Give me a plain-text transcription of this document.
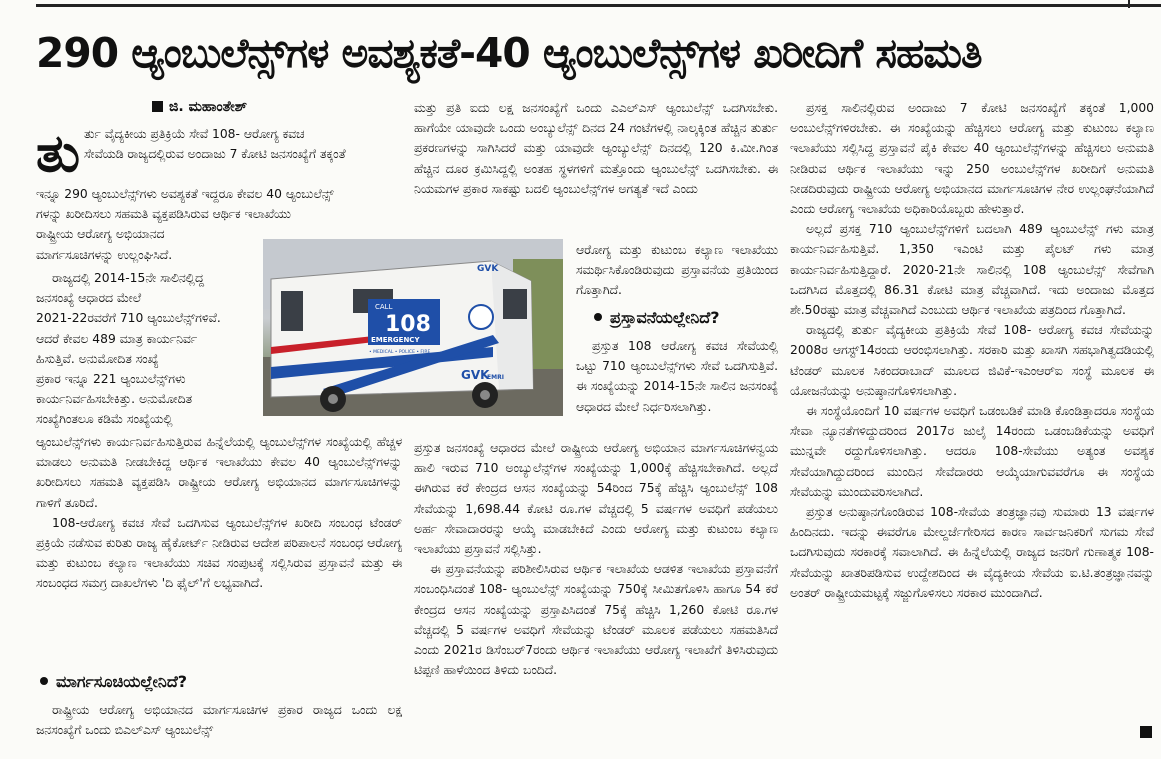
290 ಆ್ಯಂಬುಲೆನ್ಸ್‌ಗಳ ಅವಶ್ಯಕತೆ-40 ಆ್ಯಂಬುಲೆನ್ಸ್‌ಗಳ ಖರೀದಿಗೆ ಸಹಮತಿ
ಜಿ. ಮಹಾಂತೇಶ್
ತು ರ್ತು ವೈದ್ಯಕೀಯ ಪ್ರತಿಕ್ರಿಯೆ ಸೇವೆ 108- ಆರೋಗ್ಯ ಕವಚ
ಸೇವೆಯಡಿ ರಾಜ್ಯದಲ್ಲಿರುವ ಅಂದಾಜು 7 ಕೋಟಿ ಜನಸಂಖ್ಯೆಗೆ ತಕ್ಕಂತೆ
ಇನ್ನೂ 290 ಆ್ಯಂಬುಲೆನ್ಸ್‌ಗಳು ಅವಶ್ಯಕತೆ ಇದ್ದರೂ ಕೇವಲ 40 ಆ್ಯಂಬುಲೆನ್ಸ್
ಗಳನ್ನು ಖರೀದಿಸಲು ಸಹಮತಿ ವ್ಯಕ್ತಪಡಿಸಿರುವ ಆರ್ಥಿಕ ಇಲಾಖೆಯು
ರಾಷ್ಟ್ರೀಯ ಆರೋಗ್ಯ ಅಭಿಯಾನದ
ಮಾರ್ಗಸೂಚಿಗಳನ್ನು ಉಲ್ಲಂಘಿಸಿದೆ.
ರಾಜ್ಯದಲ್ಲಿ 2014-15ನೇ ಸಾಲಿನಲ್ಲಿದ್ದ
ಜನಸಂಖ್ಯೆ ಆಧಾರದ ಮೇಲೆ
2021-22ರವರೆಗೆ 710 ಆ್ಯಂಬುಲೆನ್ಸ್‌ಗಳಿವೆ.
ಆದರೆ ಕೇವಲ 489 ಮಾತ್ರ ಕಾರ್ಯನಿರ್ವ
ಹಿಸುತ್ತಿವೆ. ಅನುಮೋದಿತ ಸಂಖ್ಯೆ
ಪ್ರಕಾರ ಇನ್ನೂ 221 ಆ್ಯಂಬುಲೆನ್ಸ್‌ಗಳು
ಕಾರ್ಯನಿರ್ವಹಿಸಬೇಕಿತ್ತು. ಅನುಮೋದಿತ
ಸಂಖ್ಯೆಗಿಂತಲೂ ಕಡಿಮೆ ಸಂಖ್ಯೆಯಲ್ಲಿ

ಆ್ಯಂಬುಲೆನ್ಸ್‌ಗಳು ಕಾರ್ಯನಿರ್ವಹಿಸುತ್ತಿರುವ ಹಿನ್ನೆಲೆಯಲ್ಲಿ ಆ್ಯಂಬುಲೆನ್ಸ್‌ಗಳ ಸಂಖ್ಯೆಯಲ್ಲಿ ಹೆಚ್ಚಳ ಮಾಡಲು ಅನುಮತಿ ನೀಡಬೇಕಿದ್ದ ಆರ್ಥಿಕ ಇಲಾಖೆಯು ಕೇವಲ 40 ಆ್ಯಂಬುಲೆನ್ಸ್‌ಗಳನ್ನು ಖರೀದಿಸಲು ಸಹಮತಿ ವ್ಯಕ್ತಪಡಿಸಿ ರಾಷ್ಟ್ರೀಯ ಆರೋಗ್ಯ ಅಭಿಯಾನದ ಮಾರ್ಗಸೂಚಿಗಳನ್ನು ಗಾಳಿಗೆ ತೂರಿದೆ.

108-ಆರೋಗ್ಯ ಕವಚ ಸೇವೆ ಒದಗಿಸುವ ಆ್ಯಂಬುಲೆನ್ಸ್‌ಗಳ ಖರೀದಿ ಸಂಬಂಧ ಟೆಂಡರ್ ಪ್ರಕ್ರಿಯೆ ನಡೆಸುವ ಕುರಿತು ರಾಜ್ಯ ಹೈಕೋರ್ಟ್ ನೀಡಿರುವ ಆದೇಶ ಪರಿಪಾಲನೆ ಸಂಬಂಧ ಆರೋಗ್ಯ ಮತ್ತು ಕುಟುಂಬ ಕಲ್ಯಾಣ ಇಲಾಖೆಯು ಸಚಿವ ಸಂಪುಟಕ್ಕೆ ಸಲ್ಲಿಸಿರುವ ಪ್ರಸ್ತಾವನೆ ಮತ್ತು ಈ ಸಂಬಂಧದ ಸಮಗ್ರ ದಾಖಲೆಗಳು 'ದಿ ಫೈಲ್'ಗೆ ಲಭ್ಯವಾಗಿದೆ.

ಮಾರ್ಗಸೂಚಿಯಲ್ಲೇನಿದೆ?

ರಾಷ್ಟ್ರೀಯ ಆರೋಗ್ಯ ಅಭಿಯಾನದ ಮಾರ್ಗಸೂಚಿಗಳ ಪ್ರಕಾರ ರಾಜ್ಯದ ಒಂದು ಲಕ್ಷ ಜನಸಂಖ್ಯೆಗೆ ಒಂದು ಬಿಎಲ್‌ಎಸ್ ಆ್ಯಂಬುಲೆನ್ಸ್

CALL
108
EMERGENCY
• MEDICAL • POLICE • FIRE
GVK
GVK
EMRI

ಮತ್ತು ಪ್ರತಿ ಐದು ಲಕ್ಷ ಜನಸಂಖ್ಯೆಗೆ ಒಂದು ಎಎಲ್‌ಎಸ್ ಆ್ಯಂಬುಲೆನ್ಸ್ ಒದಗಿಸಬೇಕು. ಹಾಗೆಯೇ ಯಾವುದೇ ಒಂದು ಅಂಬ್ಯುಲೆನ್ಸ್ ದಿನದ 24 ಗಂಟೆಗಳಲ್ಲಿ ನಾಲ್ಕಕ್ಕಿಂತ ಹೆಚ್ಚಿನ ತುರ್ತು ಪ್ರಕರಣಗಳನ್ನು ಸಾಗಿಸಿದರೆ ಮತ್ತು ಯಾವುದೇ ಆ್ಯಂಬ್ಯುಲೆನ್ಸ್ ದಿನದಲ್ಲಿ 120 ಕಿ.ಮೀ.ಗಿಂತ ಹೆಚ್ಚಿನ ದೂರ ಕ್ರಮಿಸಿದ್ದಲ್ಲಿ ಅಂತಹ ಸ್ಥಳಗಳಿಗೆ ಮತ್ತೊಂದು ಆ್ಯಂಬುಲೆನ್ಸ್ ಒದಗಿಸಬೇಕು. ಈ ನಿಯಮಗಳ ಪ್ರಕಾರ ಸಾಕಷ್ಟು ಬದಲಿ ಆ್ಯಂಬುಲೆನ್ಸ್‌ಗಳ ಅಗತ್ಯತೆ ಇದೆ ಎಂದು

ಆರೋಗ್ಯ ಮತ್ತು ಕುಟುಂಬ ಕಲ್ಯಾಣ ಇಲಾಖೆಯು ಸಮರ್ಥಿಸಿಕೊಂಡಿರುವುದು ಪ್ರಸ್ತಾವನೆಯ ಪ್ರತಿಯಿಂದ ಗೊತ್ತಾಗಿದೆ.

ಪ್ರಸ್ತಾವನೆಯಲ್ಲೇನಿದೆ?

ಪ್ರಸ್ತುತ 108 ಆರೋಗ್ಯ ಕವಚ ಸೇವೆಯಲ್ಲಿ ಒಟ್ಟು 710 ಆ್ಯಂಬುಲೆನ್ಸ್‌ಗಳು ಸೇವೆ ಒದಗಿಸುತ್ತಿವೆ. ಈ ಸಂಖ್ಯೆಯನ್ನು 2014-15ನೇ ಸಾಲಿನ ಜನಸಂಖ್ಯೆ ಆಧಾರದ ಮೇಲೆ ನಿರ್ಧರಿಸಲಾಗಿತ್ತು.

ಪ್ರಸ್ತುತ ಜನಸಂಖ್ಯೆ ಆಧಾರದ ಮೇಲೆ ರಾಷ್ಟ್ರೀಯ ಆರೋಗ್ಯ ಅಭಿಯಾನ ಮಾರ್ಗಸೂಚಿಗಳನ್ವಯ ಹಾಲಿ ಇರುವ 710 ಅಂಬ್ಯುಲೆನ್ಸ್‌ಗಳ ಸಂಖ್ಯೆಯನ್ನು 1,000ಕ್ಕೆ ಹೆಚ್ಚಿಸಬೇಕಾಗಿದೆ. ಅಲ್ಲದೆ ಈಗಿರುವ ಕರೆ ಕೇಂದ್ರದ ಆಸನ ಸಂಖ್ಯೆಯನ್ನು 54ರಿಂದ 75ಕ್ಕೆ ಹೆಚ್ಚಿಸಿ ಆ್ಯಂಬುಲೆನ್ಸ್ 108 ಸೇವೆಯನ್ನು 1,698.44 ಕೋಟಿ ರೂ.ಗಳ ವೆಚ್ಚದಲ್ಲಿ 5 ವರ್ಷಗಳ ಅವಧಿಗೆ ಪಡೆಯಲು ಅರ್ಹ ಸೇವಾದಾರರನ್ನು ಆಯ್ಕೆ ಮಾಡಬೇಕಿದೆ ಎಂದು ಆರೋಗ್ಯ ಮತ್ತು ಕುಟುಂಬ ಕಲ್ಯಾಣ ಇಲಾಖೆಯು ಪ್ರಸ್ತಾವನೆ ಸಲ್ಲಿಸಿತ್ತು.

ಈ ಪ್ರಸ್ತಾವನೆಯನ್ನು ಪರಿಶೀಲಿಸಿರುವ ಆರ್ಥಿಕ ಇಲಾಖೆಯ ಆಡಳಿತ ಇಲಾಖೆಯ ಪ್ರಸ್ತಾವನೆಗೆ ಸಂಬಂಧಿಸಿದಂತೆ 108- ಆ್ಯಂಬುಲೆನ್ಸ್ ಸಂಖ್ಯೆಯನ್ನು 750ಕ್ಕೆ ಸೀಮಿತಗೊಳಿಸಿ ಹಾಗೂ 54 ಕರೆ ಕೇಂದ್ರದ ಆಸನ ಸಂಖ್ಯೆಯನ್ನು ಪ್ರಸ್ತಾಪಿಸಿದಂತೆ 75ಕ್ಕೆ ಹೆಚ್ಚಿಸಿ 1,260 ಕೋಟಿ ರೂ.ಗಳ ವೆಚ್ಚದಲ್ಲಿ 5 ವರ್ಷಗಳ ಅವಧಿಗೆ ಸೇವೆಯನ್ನು ಟೆಂಡರ್ ಮೂಲಕ ಪಡೆಯಲು ಸಹಮತಿಸಿದೆ ಎಂದು 2021ರ ಡಿಸೆಂಬರ್7ರಂದು ಆರ್ಥಿಕ ಇಲಾಖೆಯು ಆರೋಗ್ಯ ಇಲಾಖೆಗೆ ತಿಳಿಸಿರುವುದು ಟಿಪ್ಪಣಿ ಹಾಳೆಯಿಂದ ತಿಳಿದು ಬಂದಿದೆ.

ಪ್ರಸಕ್ತ ಸಾಲಿನಲ್ಲಿರುವ ಅಂದಾಜು 7 ಕೋಟಿ ಜನಸಂಖ್ಯೆಗೆ ತಕ್ಕಂತೆ 1,000 ಅಂಬುಲೆನ್ಸ್‌ಗಳಿರಬೇಕು. ಈ ಸಂಖ್ಯೆಯನ್ನು ಹೆಚ್ಚಿಸಲು ಆರೋಗ್ಯ ಮತ್ತು ಕುಟುಂಬ ಕಲ್ಯಾಣ ಇಲಾಖೆಯು ಸಲ್ಲಿಸಿದ್ದ ಪ್ರಸ್ತಾವನೆ ಪೈಕಿ ಕೇವಲ 40 ಆ್ಯಂಬುಲೆನ್ಸ್‌ಗಳನ್ನು ಹೆಚ್ಚಿಸಲು ಅನುಮತಿ ನೀಡಿರುವ ಆರ್ಥಿಕ ಇಲಾಖೆಯು ಇನ್ನು 250 ಅಂಬುಲೆನ್ಸ್‌ಗಳ ಖರೀದಿಗೆ ಅನುಮತಿ ನೀಡದಿರುವುದು ರಾಷ್ಟ್ರೀಯ ಆರೋಗ್ಯ ಅಭಿಯಾನದ ಮಾರ್ಗಸೂಚಿಗಳ ನೇರ ಉಲ್ಲಂಘನೆಯಾಗಿದೆ ಎಂದು ಆರೋಗ್ಯ ಇಲಾಖೆಯ ಅಧಿಕಾರಿಯೊಬ್ಬರು ಹೇಳುತ್ತಾರೆ.

ಅಲ್ಲದೆ ಪ್ರಸಕ್ತ 710 ಆ್ಯಂಬುಲೆನ್ಸ್‌ಗಳಿಗೆ ಬದಲಾಗಿ 489 ಆ್ಯಂಬುಲೆನ್ಸ್ ಗಳು ಮಾತ್ರ ಕಾರ್ಯನಿರ್ವಹಿಸುತ್ತಿವೆ. 1,350 ಇಎಂಟಿ ಮತ್ತು ಪೈಲಟ್ ಗಳು ಮಾತ್ರ ಕಾರ್ಯನಿರ್ವಹಿಸುತ್ತಿದ್ದಾರೆ. 2020-21ನೇ ಸಾಲಿನಲ್ಲಿ 108 ಆ್ಯಂಬುಲೆನ್ಸ್ ಸೇವೆಗಾಗಿ ಒದಗಿಸಿದ ಮೊತ್ತದಲ್ಲಿ 86.31 ಕೋಟಿ ಮಾತ್ರ ವೆಚ್ಚವಾಗಿದೆ. ಇದು ಅಂದಾಜು ಮೊತ್ತದ ಶೇ.50ರಷ್ಟು ಮಾತ್ರ ವೆಚ್ಚವಾಗಿದೆ ಎಂಬುದು ಆರ್ಥಿಕ ಇಲಾಖೆಯ ಪತ್ರದಿಂದ ಗೊತ್ತಾಗಿದೆ.

ರಾಜ್ಯದಲ್ಲಿ ತುರ್ತು ವೈದ್ಯಕೀಯ ಪ್ರತಿಕ್ರಿಯೆ ಸೇವೆ 108- ಆರೋಗ್ಯ ಕವಚ ಸೇವೆಯನ್ನು 2008ರ ಆಗಸ್ಟ್14ರಂದು ಆರಂಭಿಸಲಾಗಿತ್ತು. ಸರಕಾರಿ ಮತ್ತು ಖಾಸಗಿ ಸಹಭಾಗಿತ್ವದಡಿಯಲ್ಲಿ ಟೆಂಡರ್ ಮೂಲಕ ಸಿಕಂದರಾಬಾದ್ ಮೂಲದ ಜಿವಿಕೆ-ಇಎಂಆರ್‌ಐ ಸಂಸ್ಥೆ ಮೂಲಕ ಈ ಯೋಜನೆಯನ್ನು ಅನುಷ್ಠಾನಗೊಳಿಸಲಾಗಿತ್ತು.

ಈ ಸಂಸ್ಥೆಯೊಂದಿಗೆ 10 ವರ್ಷಗಳ ಅವಧಿಗೆ ಒಡಂಬಡಿಕೆ ಮಾಡಿ ಕೊಂಡಿತ್ತಾದರೂ ಸಂಸ್ಥೆಯ ಸೇವಾ ನ್ಯೂನತೆಗಳಿದ್ದುದರಿಂದ 2017ರ ಜುಲೈ 14ರಂದು ಒಡಂಬಡಿಕೆಯನ್ನು ಅವಧಿಗೆ ಮುನ್ನವೇ ರದ್ದುಗೊಳಿಸಲಾಗಿತ್ತು. ಆದರೂ 108-ಸೇವೆಯು ಅತ್ಯಂತ ಅವಶ್ಯಕ ಸೇವೆಯಾಗಿದ್ದುದರಿಂದ ಮುಂದಿನ ಸೇವೆದಾರರು ಆಯ್ಕೆಯಾಗುವವರೆಗೂ ಈ ಸಂಸ್ಥೆಯ ಸೇವೆಯನ್ನು ಮುಂದುವರಿಸಲಾಗಿದೆ.

ಪ್ರಸ್ತುತ ಅನುಷ್ಠಾನಗೊಂಡಿರುವ 108-ಸೇವೆಯ ತಂತ್ರಜ್ಞಾನವು ಸುಮಾರು 13 ವರ್ಷಗಳ ಹಿಂದಿನದು. ಇದನ್ನು ಈವರೆಗೂ ಮೇಲ್ದರ್ಜೆಗೇರಿಸದ ಕಾರಣ ಸಾರ್ವಜನಿಕರಿಗೆ ಸುಗಮ ಸೇವೆ ಒದಗಿಸುವುದು ಸರಕಾರಕ್ಕೆ ಸವಾಲಾಗಿದೆ. ಈ ಹಿನ್ನೆಲೆಯಲ್ಲಿ ರಾಜ್ಯದ ಜನರಿಗೆ ಗುಣಾತ್ಮಕ 108-ಸೇವೆಯನ್ನು ಖಾತರಿಪಡಿಸುವ ಉದ್ದೇಶದಿಂದ ಈ ವೈದ್ಯಕೀಯ ಸೇವೆಯ ಐ.ಟಿ.ತಂತ್ರಜ್ಞಾನವನ್ನು ಅಂತರ್ ರಾಷ್ಟ್ರೀಯಮಟ್ಟಕ್ಕೆ ಸಜ್ಜುಗೊಳಿಸಲು ಸರಕಾರ ಮುಂದಾಗಿದೆ.
